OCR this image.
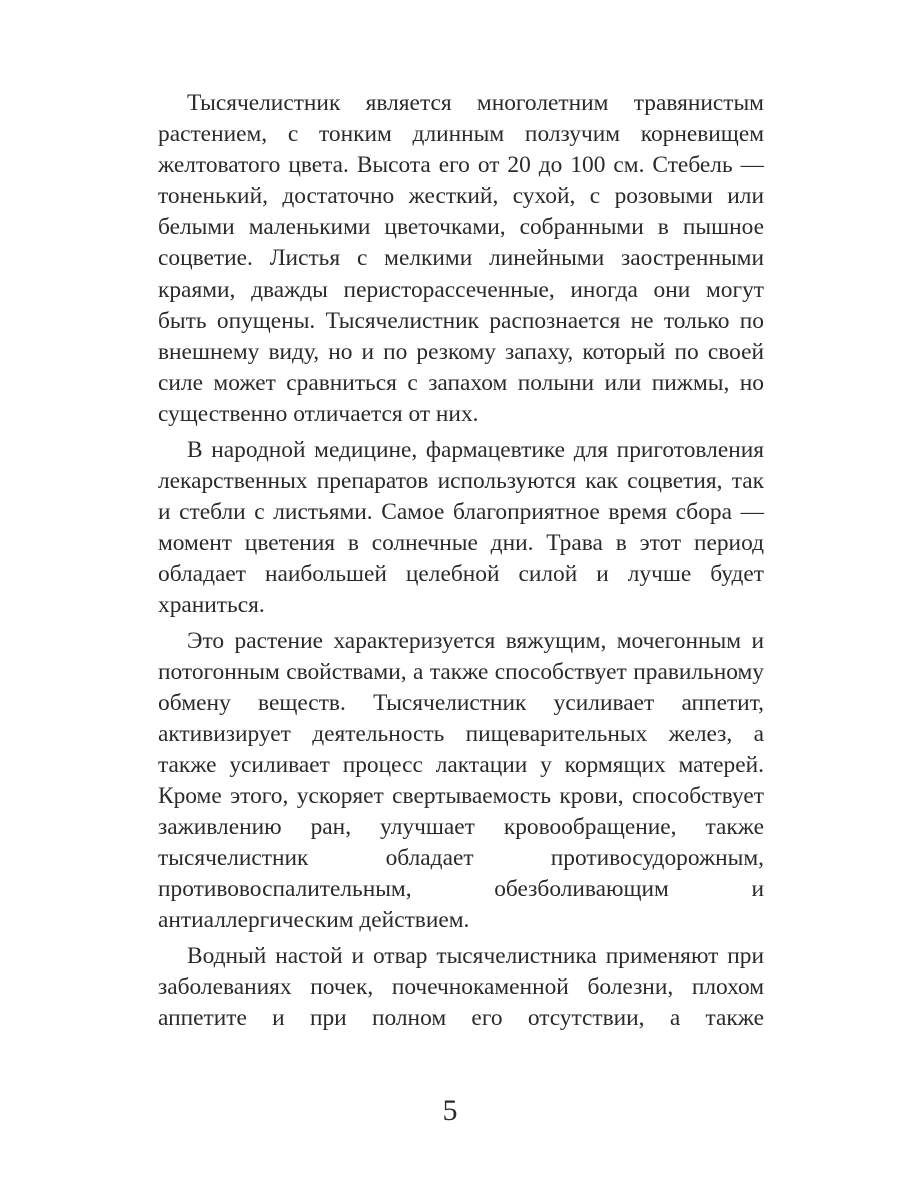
Тысячелистник является многолетним травянистым растением, с тонким длинным ползучим корневищем желтоватого цвета. Высота его от 20 до 100 см. Стебель — тоненький, достаточно жесткий, сухой, с розовыми или белыми маленькими цветочками, собранными в пышное соцветие. Листья с мелкими линейными заостренными краями, дважды перисторассеченные, иногда они могут быть опущены. Тысячелистник распознается не только по внешнему виду, но и по резкому запаху, который по своей силе может сравниться с запахом полыни или пижмы, но существенно отличается от них.

В народной медицине, фармацевтике для приготовления лекарственных препаратов используются как соцветия, так и стебли с листьями. Самое благоприятное время сбора — момент цветения в солнечные дни. Трава в этот период обладает наибольшей целебной силой и лучше будет храниться.

Это растение характеризуется вяжущим, мочегонным и потогонным свойствами, а также способствует правильному обмену веществ. Тысячелистник усиливает аппетит, активизирует деятельность пищеварительных желез, а также усиливает процесс лактации у кормящих матерей. Кроме этого, ускоряет свертываемость крови, способствует заживлению ран, улучшает кровообращение, также тысячелистник обладает противосудорожным, противовоспалительным, обезболивающим и антиаллергическим действием.

Водный настой и отвар тысячелистника применяют при заболеваниях почек, почечнокаменной болезни, плохом аппетите и при полном его отсутствии, а также

5
